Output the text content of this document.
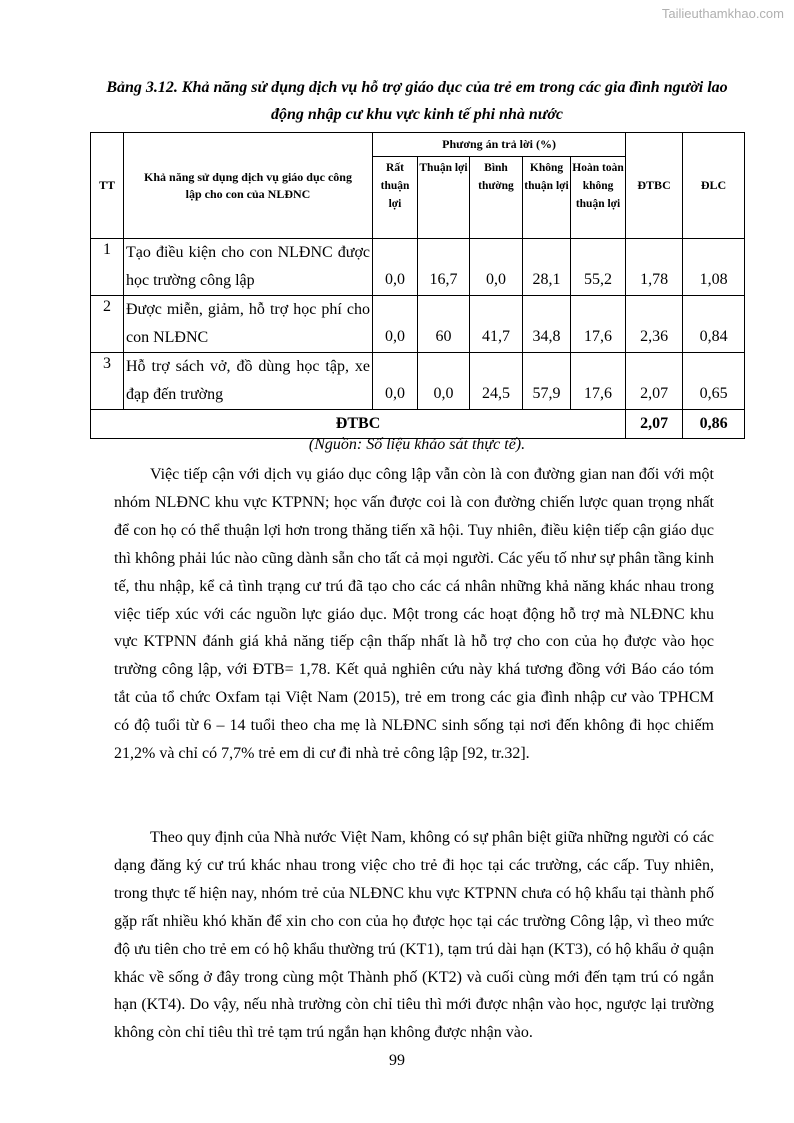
Tailieuthamkhao.com
Bảng 3.12. Khả năng sử dụng dịch vụ hỗ trợ giáo dục của trẻ em trong các gia đình người lao động nhập cư khu vực kinh tế phi nhà nước
TT	Khả năng sử dụng dịch vụ giáo dục công lập cho con của NLĐNC	Phương án trả lời (%)					ĐTBC	ĐLC
		Rất thuận lợi	Thuận lợi	Bình thường	Không thuận lợi	Hoàn toàn không thuận lợi		
1	Tạo điều kiện cho con NLĐNC được học trường công lập	0,0	16,7	0,0	28,1	55,2	1,78	1,08
2	Được miễn, giảm, hỗ trợ học phí cho con NLĐNC	0,0	60	41,7	34,8	17,6	2,36	0,84
3	Hỗ trợ sách vở, đồ dùng học tập, xe đạp đến trường	0,0	0,0	24,5	57,9	17,6	2,07	0,65
ĐTBC							2,07	0,86
(Nguồn: Số liệu khảo sát thực tế).

Việc tiếp cận với dịch vụ giáo dục công lập vẫn còn là con đường gian nan đối với một nhóm NLĐNC khu vực KTPNN; học vấn được coi là con đường chiến lược quan trọng nhất để con họ có thể thuận lợi hơn trong thăng tiến xã hội. Tuy nhiên, điều kiện tiếp cận giáo dục thì không phải lúc nào cũng dành sẵn cho tất cả mọi người. Các yếu tố như sự phân tầng kinh tế, thu nhập, kể cả tình trạng cư trú đã tạo cho các cá nhân những khả năng khác nhau trong việc tiếp xúc với các nguồn lực giáo dục. Một trong các hoạt động hỗ trợ mà NLĐNC khu vực KTPNN đánh giá khả năng tiếp cận thấp nhất là hỗ trợ cho con của họ được vào học trường công lập, với ĐTB= 1,78. Kết quả nghiên cứu này khá tương đồng với Báo cáo tóm tắt của tổ chức Oxfam tại Việt Nam (2015), trẻ em trong các gia đình nhập cư vào TPHCM có độ tuổi từ 6 – 14 tuổi theo cha mẹ là NLĐNC sinh sống tại nơi đến không đi học chiếm 21,2% và chỉ có 7,7% trẻ em di cư đi nhà trẻ công lập [92, tr.32].

Theo quy định của Nhà nước Việt Nam, không có sự phân biệt giữa những người có các dạng đăng ký cư trú khác nhau trong việc cho trẻ đi học tại các trường, các cấp. Tuy nhiên, trong thực tế hiện nay, nhóm trẻ của NLĐNC khu vực KTPNN chưa có hộ khẩu tại thành phố gặp rất nhiều khó khăn để xin cho con của họ được học tại các trường Công lập, vì theo mức độ ưu tiên cho trẻ em có hộ khẩu thường trú (KT1), tạm trú dài hạn (KT3), có hộ khẩu ở quận khác về sống ở đây trong cùng một Thành phố (KT2) và cuối cùng mới đến tạm trú có ngắn hạn (KT4). Do vậy, nếu nhà trường còn chỉ tiêu thì mới được nhận vào học, ngược lại trường không còn chỉ tiêu thì trẻ tạm trú ngắn hạn không được nhận vào.

99
